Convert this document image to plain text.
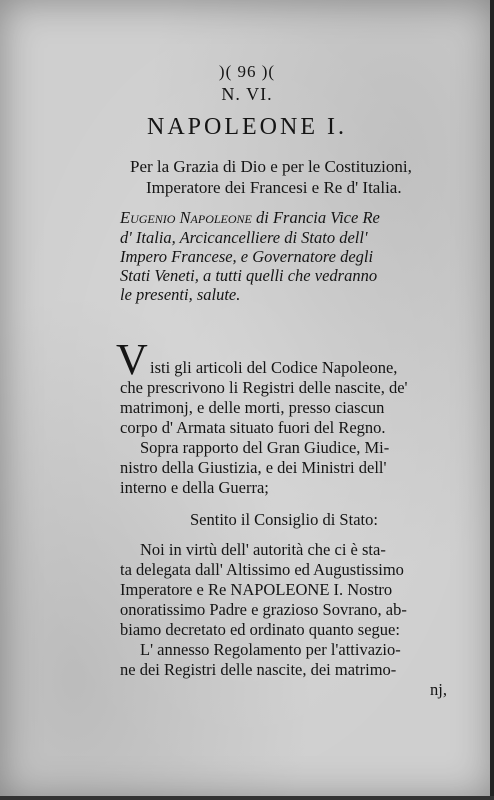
)( 96 )(
N. VI.
NAPOLEONE I.
Per la Grazia di Dio e per le Costituzioni,
Imperatore dei Francesi e Re d' Italia.
Eugenio Napoleone di Francia Vice Re
d' Italia, Arcicancelliere di Stato dell'
Impero Francese, e Governatore degli
Stati Veneti, a tutti quelli che vedranno
le presenti, salute.
V isti gli articoli del Codice Napoleone,
che prescrivono li Registri delle nascite, de'
matrimonj, e delle morti, presso ciascun
corpo d' Armata situato fuori del Regno.
Sopra rapporto del Gran Giudice, Mi-
nistro della Giustizia, e dei Ministri dell'
interno e della Guerra;
Sentito il Consiglio di Stato:
Noi in virtù dell' autorità che ci è sta-
ta delegata dall' Altissimo ed Augustissimo
Imperatore e Re NAPOLEONE I. Nostro
onoratissimo Padre e grazioso Sovrano, ab-
biamo decretato ed ordinato quanto segue:
L' annesso Regolamento per l'attivazio-
ne dei Registri delle nascite, dei matrimo-
nj,
